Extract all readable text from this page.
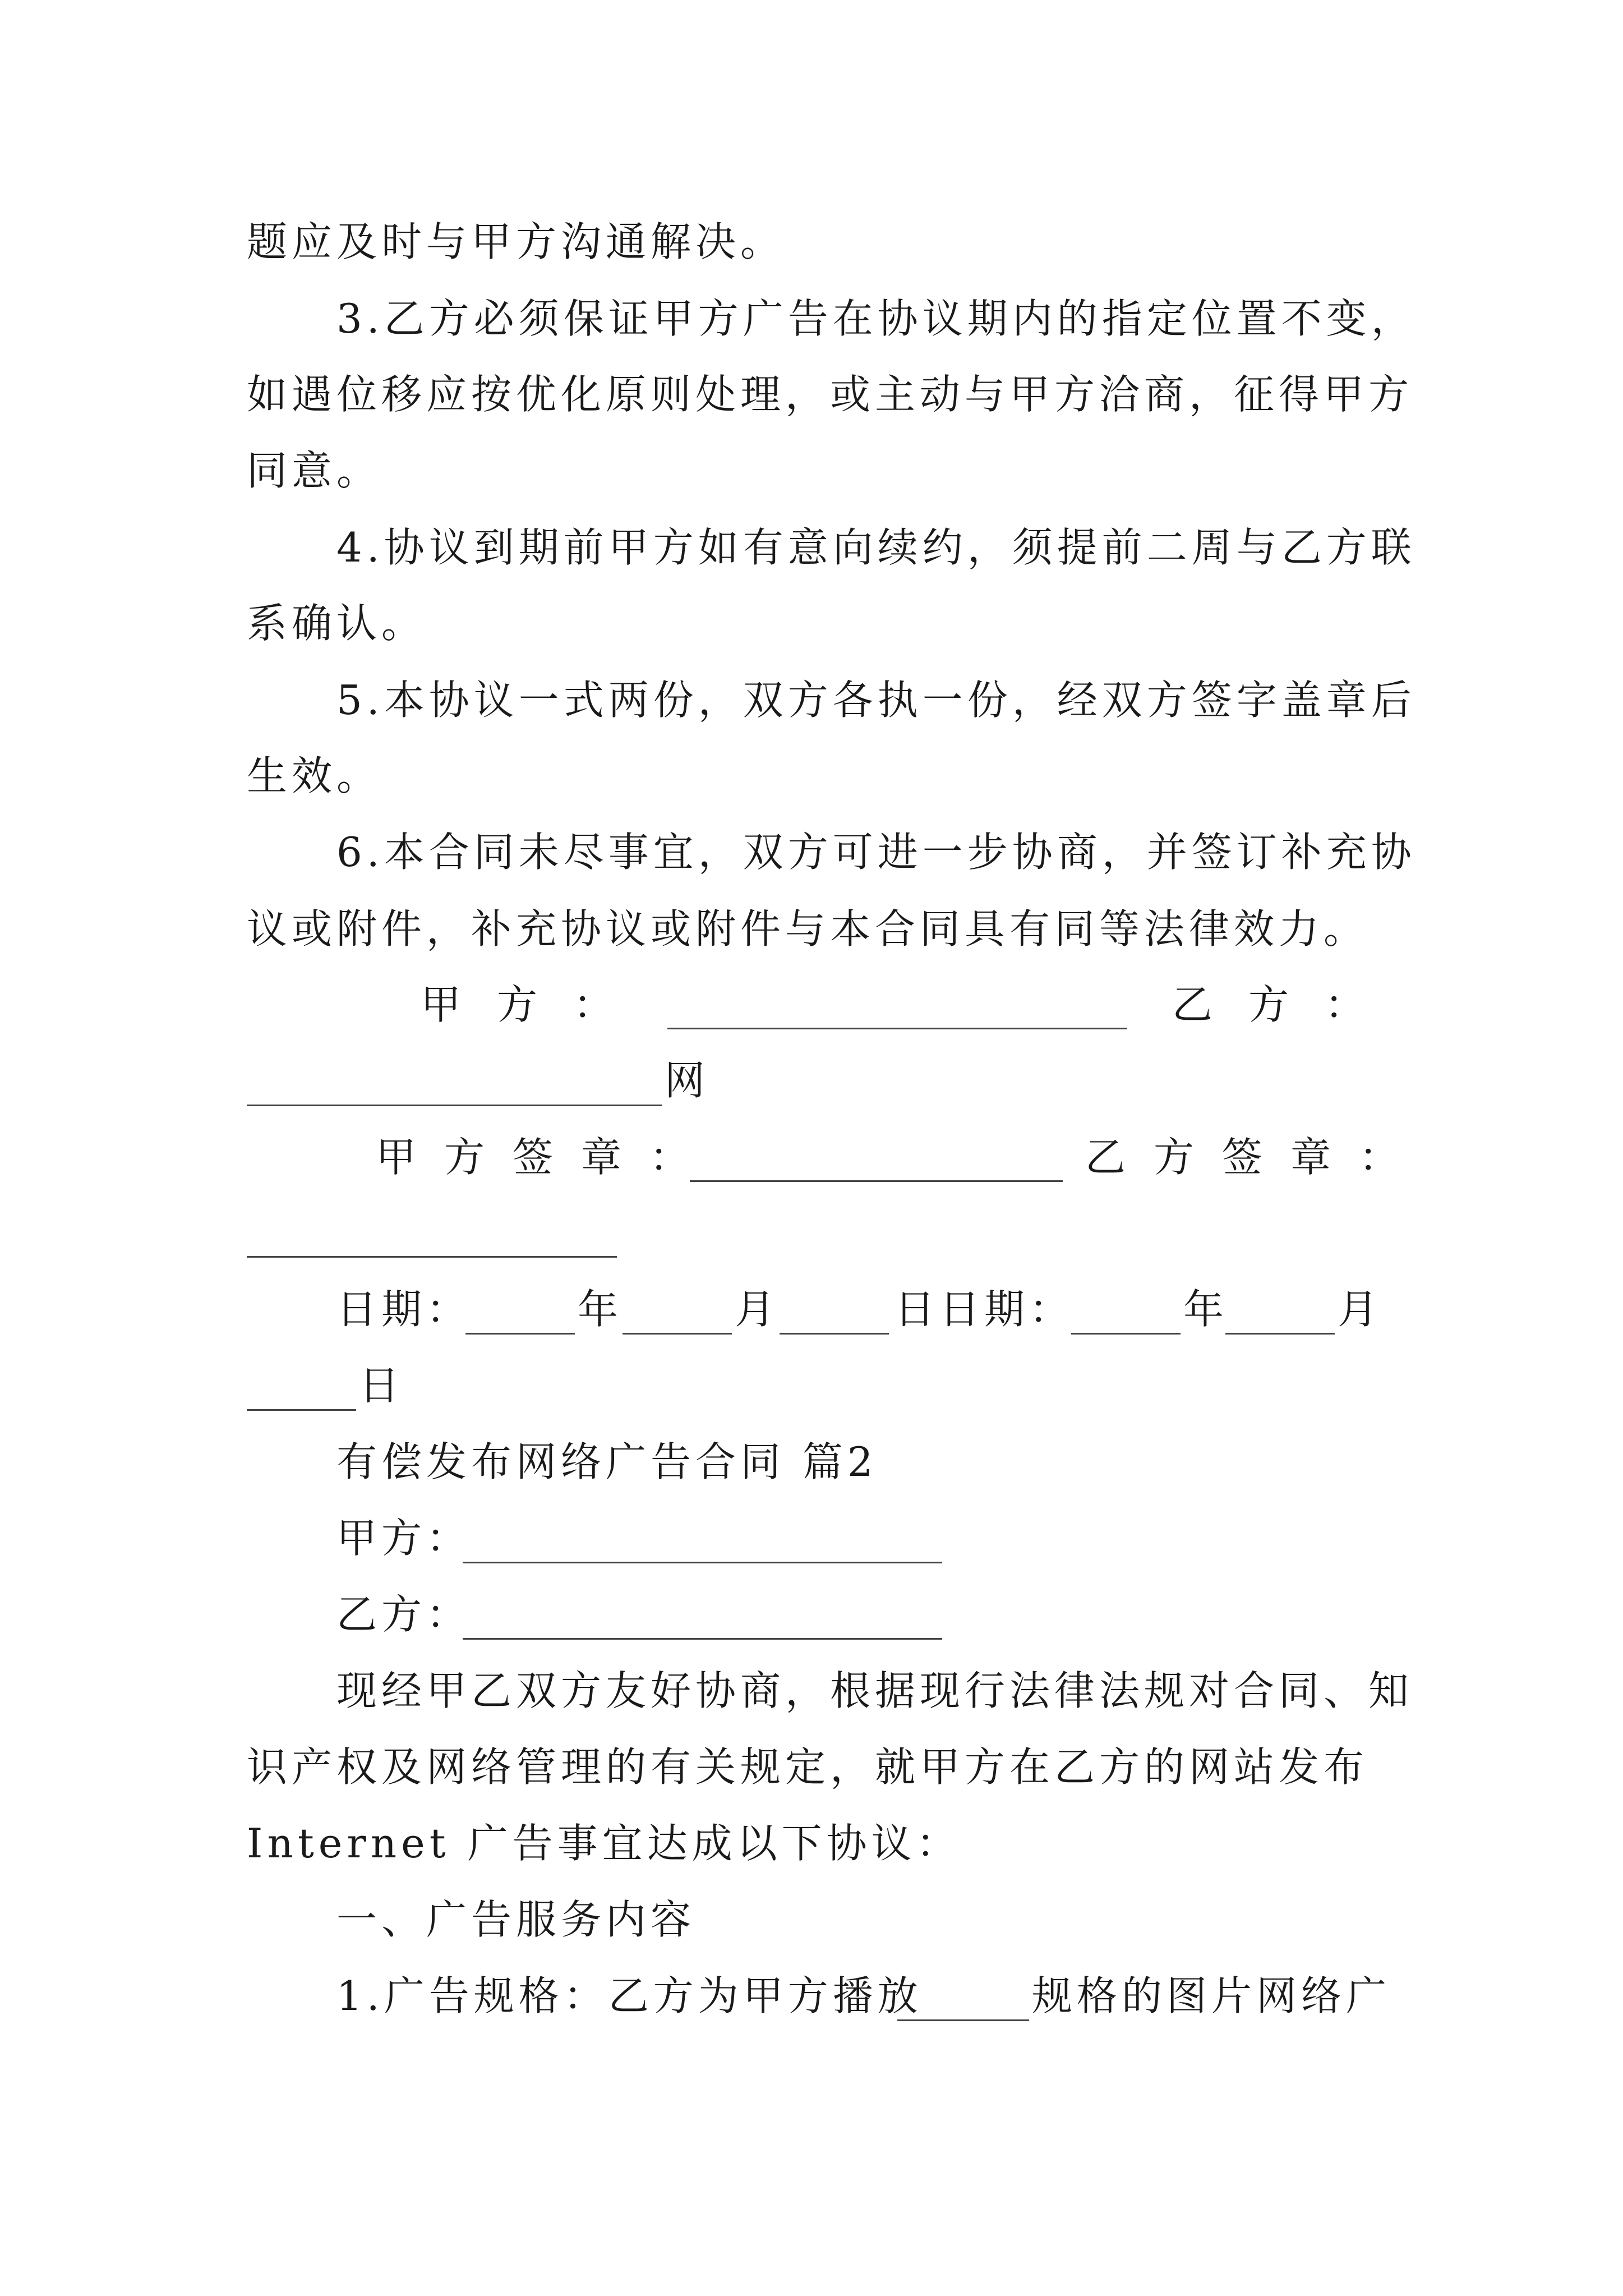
题应及时与甲方沟通解决。
3.乙方必须保证甲方广告在协议期内的指定位置不变，
如遇位移应按优化原则处理，或主动与甲方洽商，征得甲方
同意。
4.协议到期前甲方如有意向续约，须提前二周与乙方联
系确认。
5.本协议一式两份，双方各执一份，经双方签字盖章后
生效。
6.本合同未尽事宜，双方可进一步协商，并签订补充协
议或附件，补充协议或附件与本合同具有同等法律效力。
甲方：	乙方：
网
甲方签章：	乙方签章：
日期：	年	月	日日期：	年	月
日
有偿发布网络广告合同 篇2
甲方：
乙方：
现经甲乙双方友好协商，根据现行法律法规对合同、知
识产权及网络管理的有关规定，就甲方在乙方的网站发布
Internet 广告事宜达成以下协议：
一、广告服务内容
1.广告规格：乙方为甲方播放	规格的图片网络广
